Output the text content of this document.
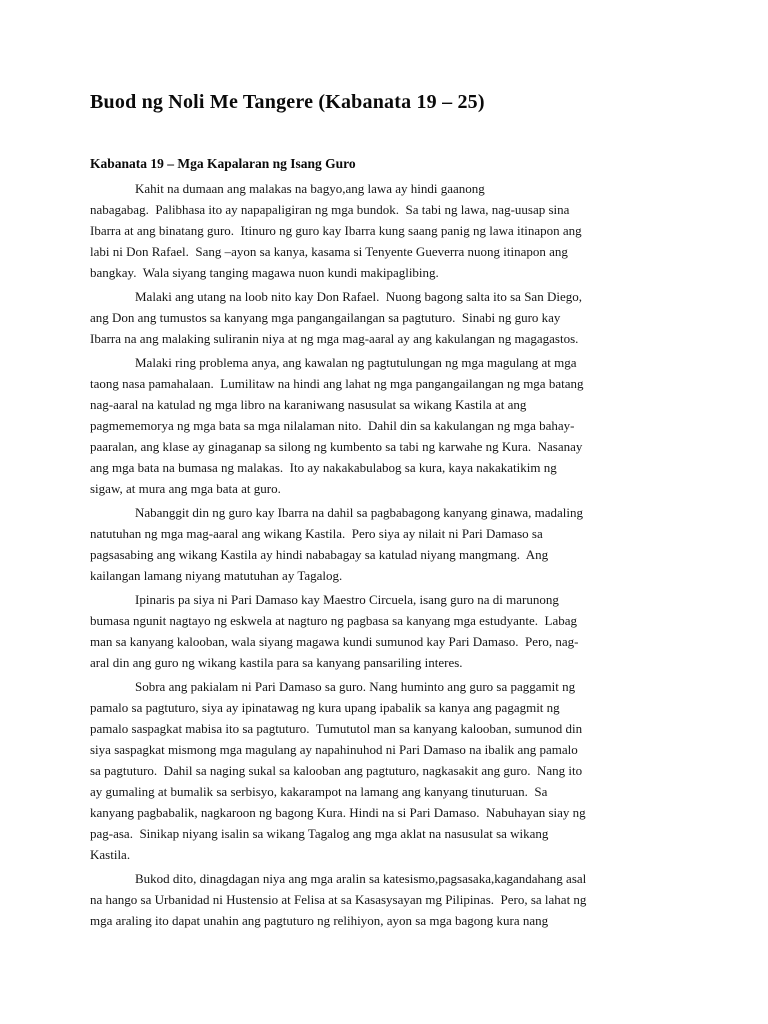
Buod ng Noli Me Tangere (Kabanata 19 – 25)
Kabanata 19 – Mga Kapalaran ng Isang Guro
Kahit na dumaan ang malakas na bagyo,ang lawa ay hindi gaanong
nabagabag.  Palibhasa ito ay napapaligiran ng mga bundok.  Sa tabi ng lawa, nag-uusap sina
Ibarra at ang binatang guro.  Itinuro ng guro kay Ibarra kung saang panig ng lawa itinapon ang
labi ni Don Rafael.  Sang –ayon sa kanya, kasama si Tenyente Gueverra nuong itinapon ang
bangkay.  Wala siyang tanging magawa nuon kundi makipaglibing.
Malaki ang utang na loob nito kay Don Rafael.  Nuong bagong salta ito sa San Diego,
ang Don ang tumustos sa kanyang mga pangangailangan sa pagtuturo.  Sinabi ng guro kay
Ibarra na ang malaking suliranin niya at ng mga mag-aaral ay ang kakulangan ng magagastos.
Malaki ring problema anya, ang kawalan ng pagtutulungan ng mga magulang at mga
taong nasa pamahalaan.  Lumilitaw na hindi ang lahat ng mga pangangailangan ng mga batang
nag-aaral na katulad ng mga libro na karaniwang nasusulat sa wikang Kastila at ang
pagmememorya ng mga bata sa mga nilalaman nito.  Dahil din sa kakulangan ng mga bahay-
paaralan, ang klase ay ginaganap sa silong ng kumbento sa tabi ng karwahe ng Kura.  Nasanay
ang mga bata na bumasa ng malakas.  Ito ay nakakabulabog sa kura, kaya nakakatikim ng
sigaw, at mura ang mga bata at guro.
Nabanggit din ng guro kay Ibarra na dahil sa pagbabagong kanyang ginawa, madaling
natutuhan ng mga mag-aaral ang wikang Kastila.  Pero siya ay nilait ni Pari Damaso sa
pagsasabing ang wikang Kastila ay hindi nababagay sa katulad niyang mangmang.  Ang
kailangan lamang niyang matutuhan ay Tagalog.
Ipinaris pa siya ni Pari Damaso kay Maestro Circuela, isang guro na di marunong
bumasa ngunit nagtayo ng eskwela at nagturo ng pagbasa sa kanyang mga estudyante.  Labag
man sa kanyang kalooban, wala siyang magawa kundi sumunod kay Pari Damaso.  Pero, nag-
aral din ang guro ng wikang kastila para sa kanyang pansariling interes.
Sobra ang pakialam ni Pari Damaso sa guro. Nang huminto ang guro sa paggamit ng
pamalo sa pagtuturo, siya ay ipinatawag ng kura upang ipabalik sa kanya ang pagagmit ng
pamalo saspagkat mabisa ito sa pagtuturo.  Tumututol man sa kanyang kalooban, sumunod din
siya saspagkat mismong mga magulang ay napahinuhod ni Pari Damaso na ibalik ang pamalo
sa pagtuturo.  Dahil sa naging sukal sa kalooban ang pagtuturo, nagkasakit ang guro.  Nang ito
ay gumaling at bumalik sa serbisyo, kakarampot na lamang ang kanyang tinuturuan.  Sa
kanyang pagbabalik, nagkaroon ng bagong Kura. Hindi na si Pari Damaso.  Nabuhayan siay ng
pag-asa.  Sinikap niyang isalin sa wikang Tagalog ang mga aklat na nasusulat sa wikang
Kastila.
Bukod dito, dinagdagan niya ang mga aralin sa katesismo,pagsasaka,kagandahang asal
na hango sa Urbanidad ni Hustensio at Felisa at sa Kasasysayan mg Pilipinas.  Pero, sa lahat ng
mga araling ito dapat unahin ang pagtuturo ng relihiyon, ayon sa mga bagong kura nang
